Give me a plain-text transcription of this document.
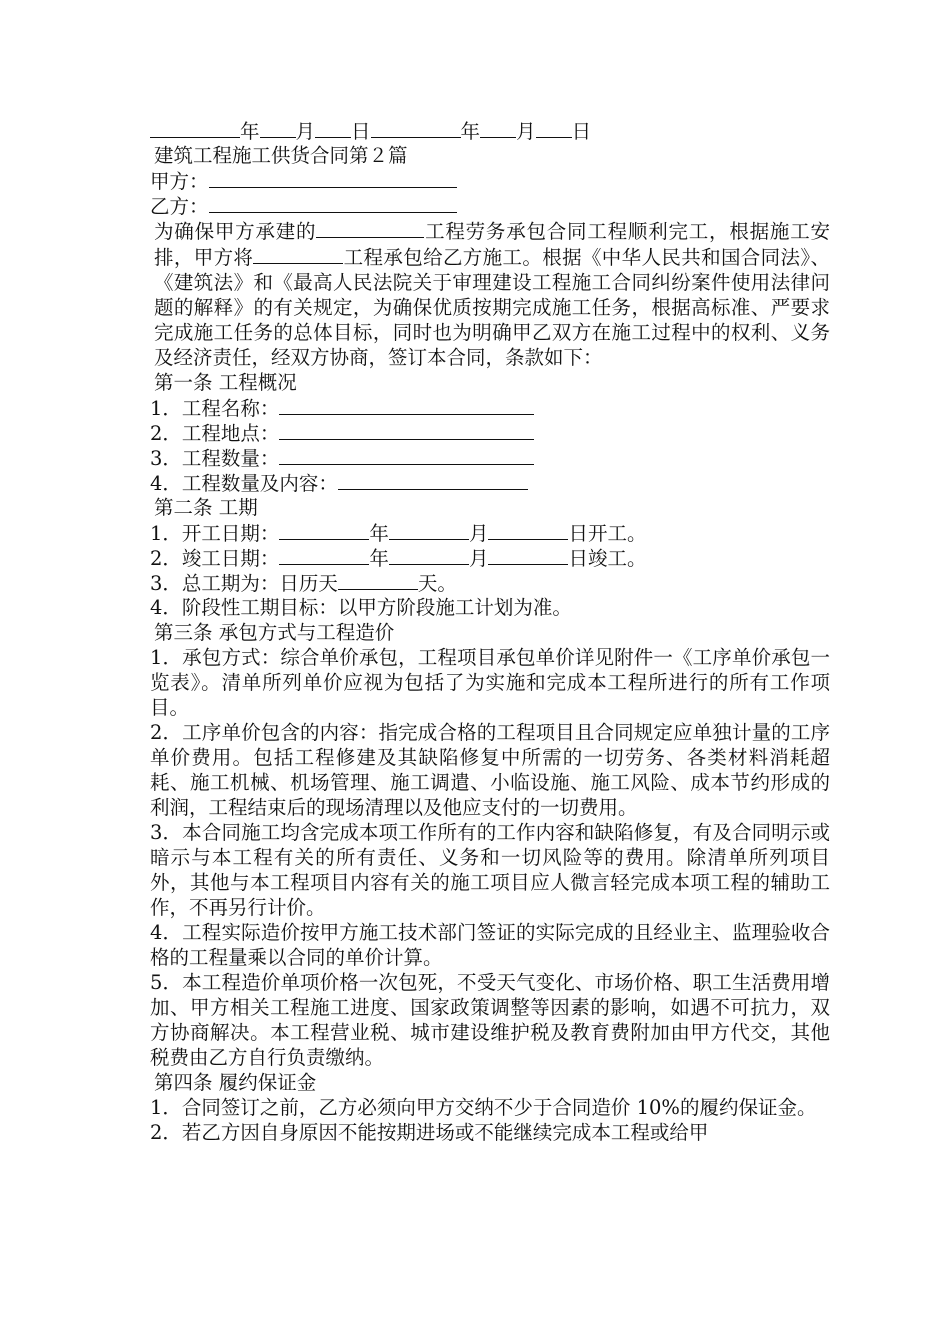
年 月 日	年 月 日
建筑工程施工供货合同第２篇
甲方：
乙方：
为确保甲方承建的	工程劳务承包合同工程顺利完工，根据施工安排，甲方将	工程承包给乙方施工。根据《中华人民共和国合同法》、《建筑法》和《最高人民法院关于审理建设工程施工合同纠纷案件使用法律问题的解释》的有关规定，为确保优质按期完成施工任务，根据高标准、严要求完成施工任务的总体目标，同时也为明确甲乙双方在施工过程中的权利、义务及经济责任，经双方协商，签订本合同，条款如下：
第一条 工程概况
1．工程名称：
2．工程地点：
3．工程数量：
4．工程数量及内容：
第二条 工期
1．开工日期：	年	月	日开工。
2．竣工日期：	年	月	日竣工。
3．总工期为：日历天	天。
4．阶段性工期目标：以甲方阶段施工计划为准。
第三条 承包方式与工程造价
1．承包方式：综合单价承包，工程项目承包单价详见附件一《工序单价承包一览表》。清单所列单价应视为包括了为实施和完成本工程所进行的所有工作项目。
2．工序单价包含的内容：指完成合格的工程项目且合同规定应单独计量的工序单价费用。包括工程修建及其缺陷修复中所需的一切劳务、各类材料消耗超耗、施工机械、机场管理、施工调遣、小临设施、施工风险、成本节约形成的利润，工程结束后的现场清理以及他应支付的一切费用。
3．本合同施工均含完成本项工作所有的工作内容和缺陷修复，有及合同明示或暗示与本工程有关的所有责任、义务和一切风险等的费用。除清单所列项目外，其他与本工程项目内容有关的施工项目应人微言轻完成本项工程的辅助工作，不再另行计价。
4．工程实际造价按甲方施工技术部门签证的实际完成的且经业主、监理验收合格的工程量乘以合同的单价计算。
5．本工程造价单项价格一次包死，不受天气变化、市场价格、职工生活费用增加、甲方相关工程施工进度、国家政策调整等因素的影响，如遇不可抗力，双方协商解决。本工程营业税、城市建设维护税及教育费附加由甲方代交，其他税费由乙方自行负责缴纳。
第四条 履约保证金
1．合同签订之前，乙方必须向甲方交纳不少于合同造价 10%的履约保证金。
2．若乙方因自身原因不能按期进场或不能继续完成本工程或给甲
